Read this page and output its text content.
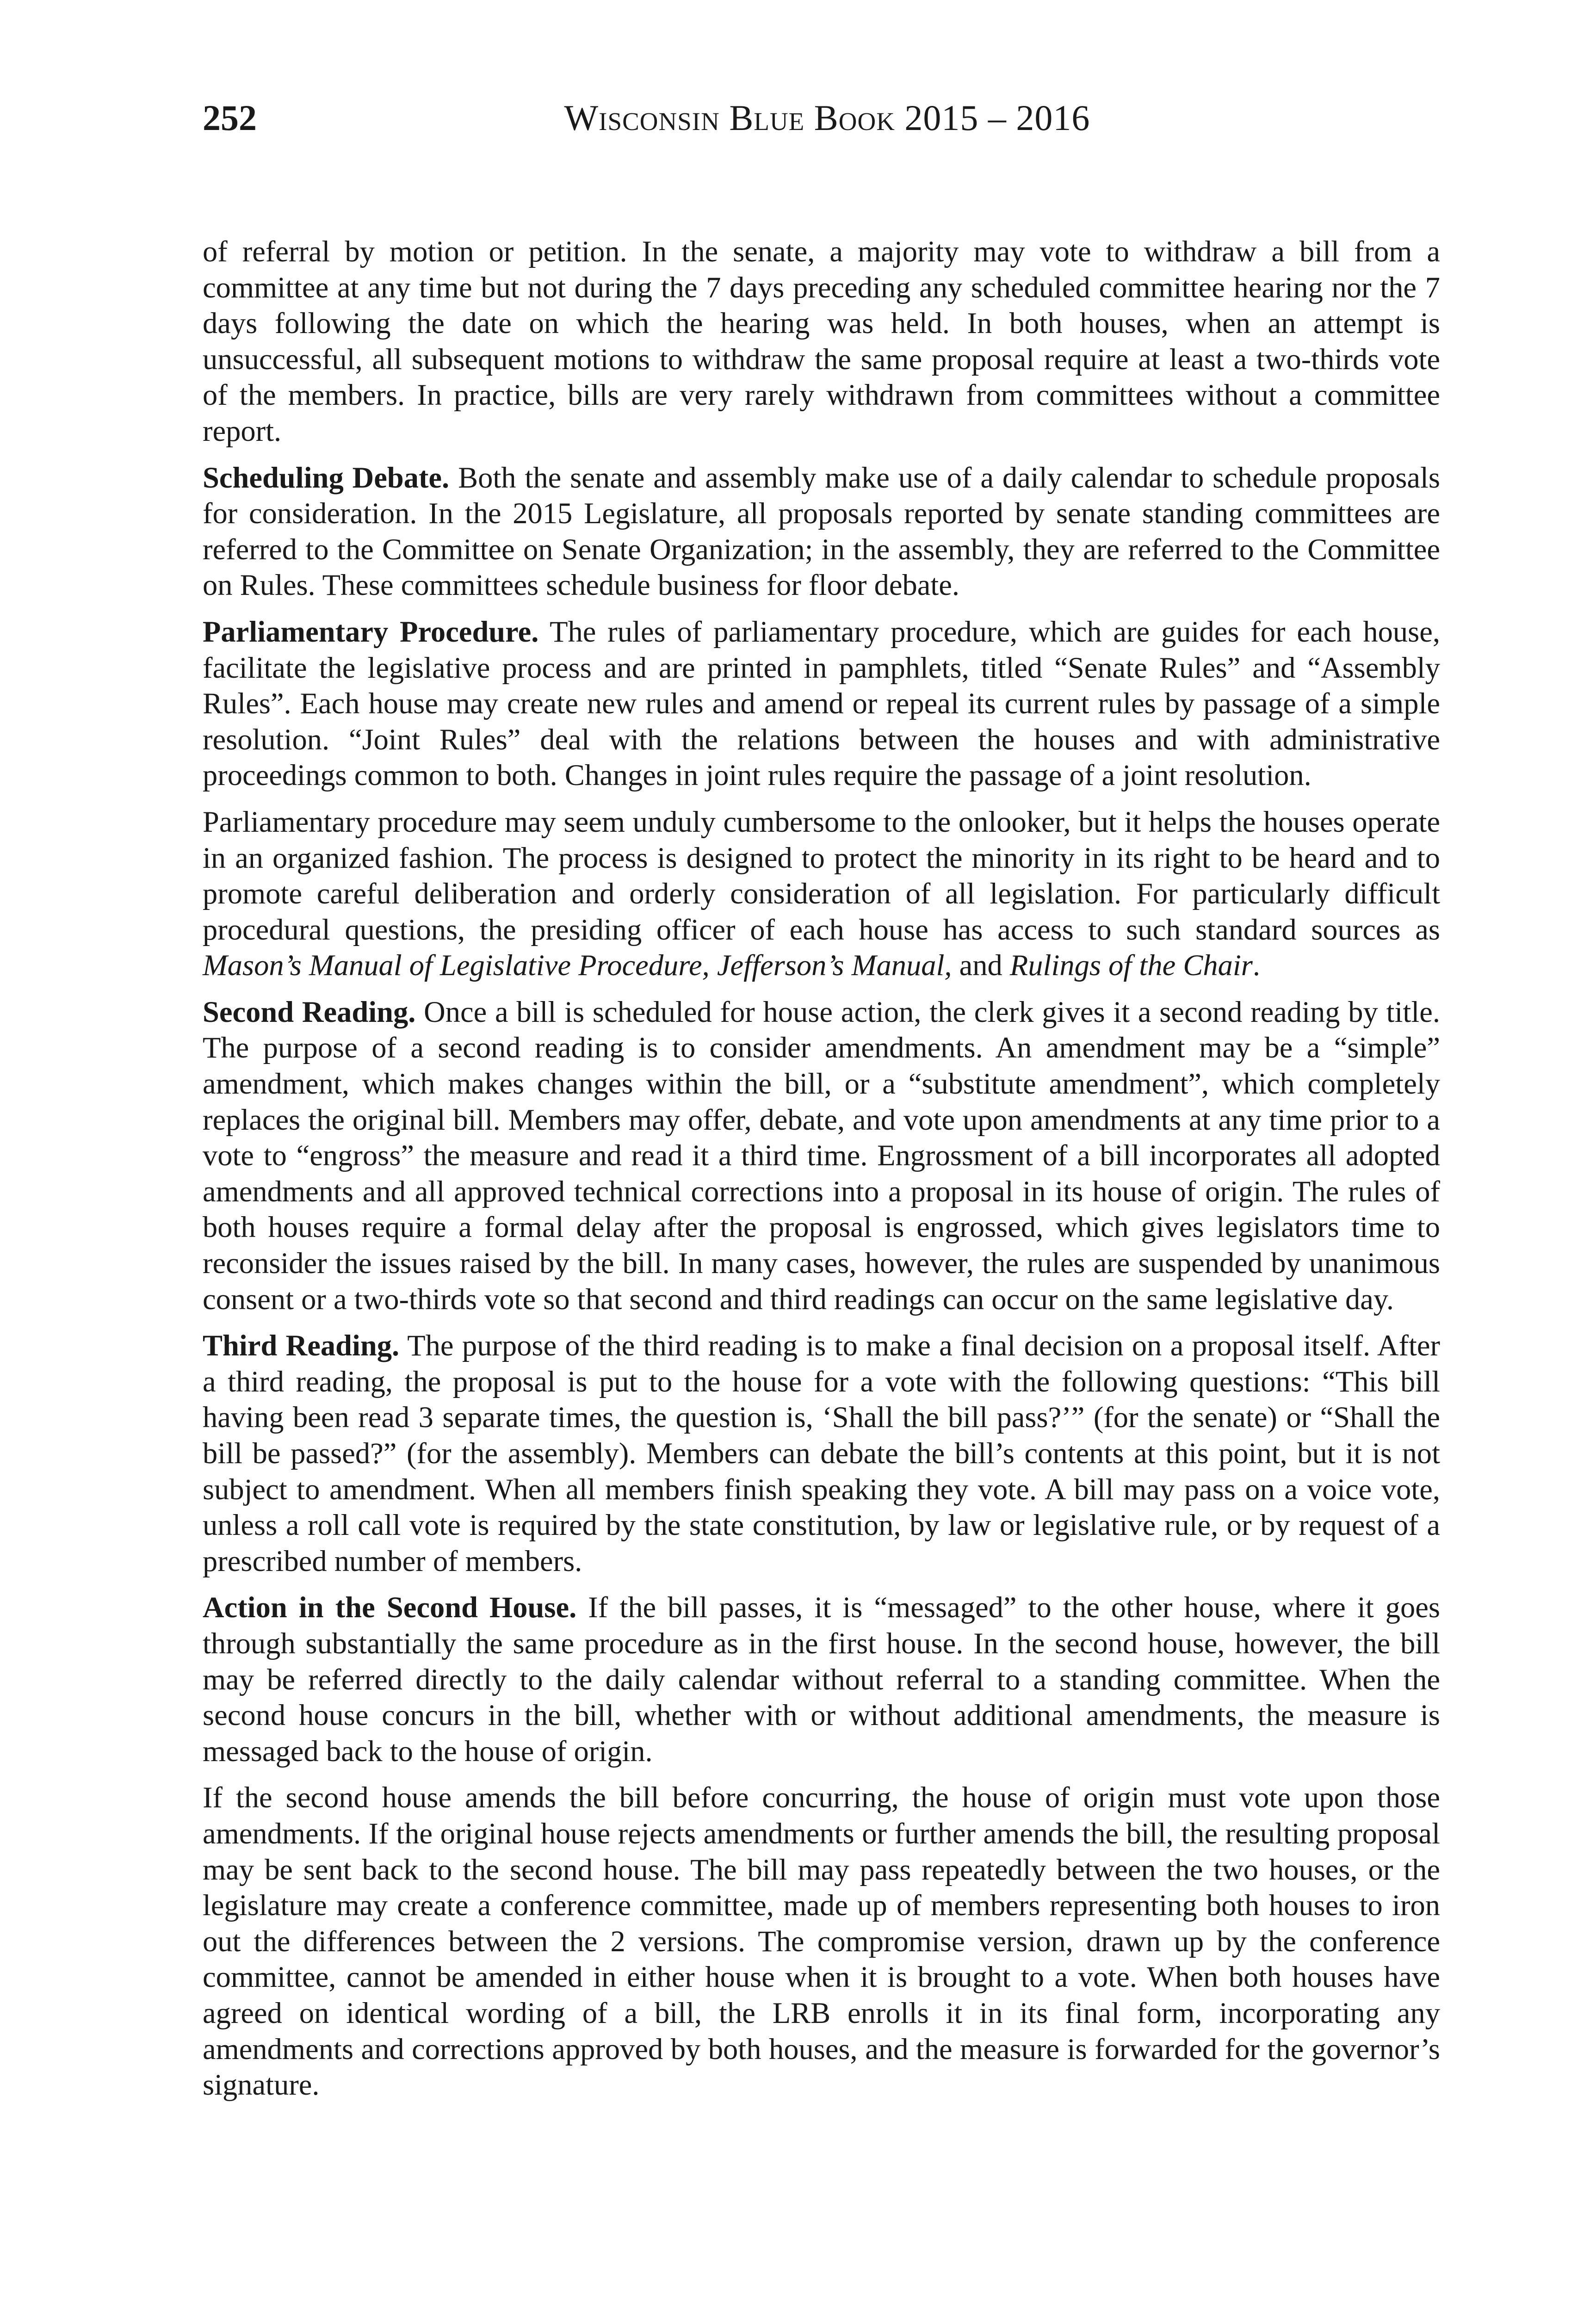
252	Wisconsin Blue Book 2015 – 2016

of referral by motion or petition. In the senate, a majority may vote to withdraw a bill from a committee at any time but not during the 7 days preceding any scheduled committee hearing nor the 7 days following the date on which the hearing was held. In both houses, when an attempt is unsuccessful, all subsequent motions to withdraw the same proposal require at least a two-thirds vote of the members. In practice, bills are very rarely withdrawn from committees without a committee report.

Scheduling Debate. Both the senate and assembly make use of a daily calendar to schedule proposals for consideration. In the 2015 Legislature, all proposals reported by senate standing committees are referred to the Committee on Senate Organization; in the assembly, they are referred to the Committee on Rules. These committees schedule business for floor debate.

Parliamentary Procedure. The rules of parliamentary procedure, which are guides for each house, facilitate the legislative process and are printed in pamphlets, titled “Senate Rules” and “Assembly Rules”. Each house may create new rules and amend or repeal its current rules by passage of a simple resolution. “Joint Rules” deal with the relations between the houses and with administrative proceedings common to both. Changes in joint rules require the passage of a joint resolution.

Parliamentary procedure may seem unduly cumbersome to the onlooker, but it helps the houses operate in an organized fashion. The process is designed to protect the minority in its right to be heard and to promote careful deliberation and orderly consideration of all legislation. For particularly difficult procedural questions, the presiding officer of each house has access to such standard sources as Mason’s Manual of Legislative Procedure, Jefferson’s Manual, and Rulings of the Chair.

Second Reading. Once a bill is scheduled for house action, the clerk gives it a second reading by title. The purpose of a second reading is to consider amendments. An amendment may be a “simple” amendment, which makes changes within the bill, or a “substitute amendment”, which completely replaces the original bill. Members may offer, debate, and vote upon amendments at any time prior to a vote to “engross” the measure and read it a third time. Engrossment of a bill incorporates all adopted amendments and all approved technical corrections into a proposal in its house of origin. The rules of both houses require a formal delay after the proposal is engrossed, which gives legislators time to reconsider the issues raised by the bill. In many cases, however, the rules are suspended by unanimous consent or a two-thirds vote so that second and third readings can occur on the same legislative day.

Third Reading. The purpose of the third reading is to make a final decision on a proposal itself. After a third reading, the proposal is put to the house for a vote with the following questions: “This bill having been read 3 separate times, the question is, ‘Shall the bill pass?’” (for the senate) or “Shall the bill be passed?” (for the assembly). Members can debate the bill’s contents at this point, but it is not subject to amendment. When all members finish speaking they vote. A bill may pass on a voice vote, unless a roll call vote is required by the state constitution, by law or legislative rule, or by request of a prescribed number of members.

Action in the Second House. If the bill passes, it is “messaged” to the other house, where it goes through substantially the same procedure as in the first house. In the second house, however, the bill may be referred directly to the daily calendar without referral to a standing committee. When the second house concurs in the bill, whether with or without additional amendments, the measure is messaged back to the house of origin.

If the second house amends the bill before concurring, the house of origin must vote upon those amendments. If the original house rejects amendments or further amends the bill, the resulting proposal may be sent back to the second house. The bill may pass repeatedly between the two houses, or the legislature may create a conference committee, made up of members representing both houses to iron out the differences between the 2 versions. The compromise version, drawn up by the conference committee, cannot be amended in either house when it is brought to a vote. When both houses have agreed on identical wording of a bill, the LRB enrolls it in its final form, incorporating any amendments and corrections approved by both houses, and the measure is forwarded for the governor’s signature.
